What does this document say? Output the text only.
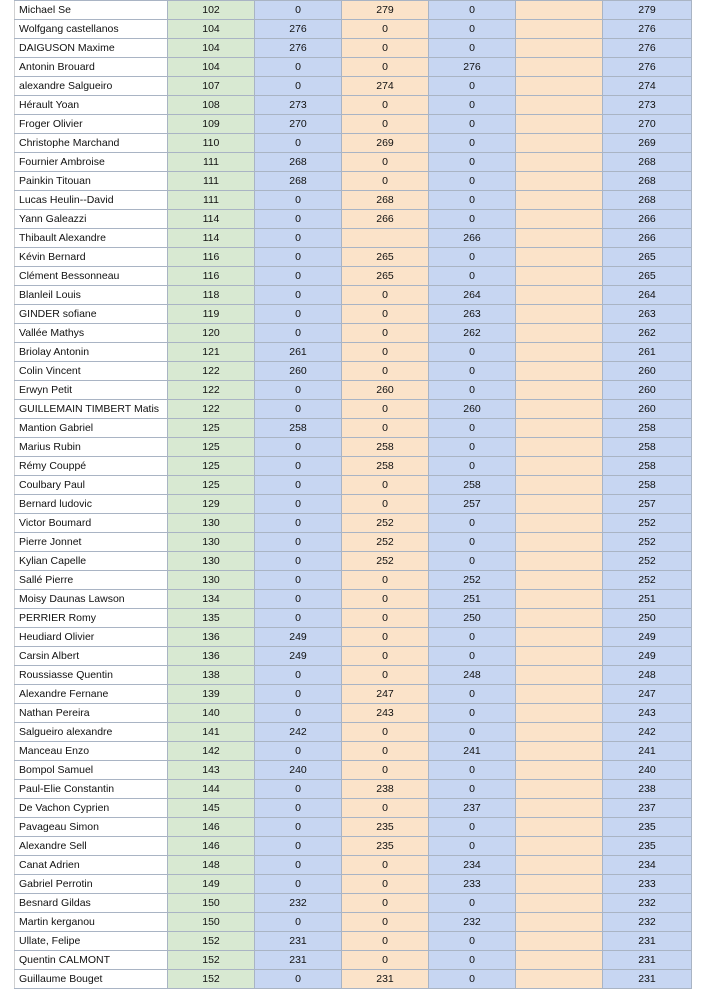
Michael Se	102	0	279	0		279
Wolfgang castellanos	104	276	0	0		276
DAIGUSON Maxime	104	276	0	0		276
Antonin Brouard	104	0	0	276		276
alexandre Salgueiro	107	0	274	0		274
Hérault Yoan	108	273	0	0		273
Froger Olivier	109	270	0	0		270
Christophe Marchand	110	0	269	0		269
Fournier Ambroise	111	268	0	0		268
Painkin Titouan	111	268	0	0		268
Lucas Heulin--David	111	0	268	0		268
Yann Galeazzi	114	0	266	0		266
Thibault Alexandre	114	0		266		266
Kévin Bernard	116	0	265	0		265
Clément Bessonneau	116	0	265	0		265
Blanleil Louis	118	0	0	264		264
GINDER sofiane	119	0	0	263		263
Vallée Mathys	120	0	0	262		262
Briolay Antonin	121	261	0	0		261
Colin Vincent	122	260	0	0		260
Erwyn Petit	122	0	260	0		260
GUILLEMAIN TIMBERT Matis	122	0	0	260		260
Mantion Gabriel	125	258	0	0		258
Marius Rubin	125	0	258	0		258
Rémy Couppé	125	0	258	0		258
Coulbary Paul	125	0	0	258		258
Bernard ludovic	129	0	0	257		257
Victor Boumard	130	0	252	0		252
Pierre Jonnet	130	0	252	0		252
Kylian Capelle	130	0	252	0		252
Sallé Pierre	130	0	0	252		252
Moisy Daunas Lawson	134	0	0	251		251
PERRIER Romy	135	0	0	250		250
Heudiard Olivier	136	249	0	0		249
Carsin Albert	136	249	0	0		249
Roussiasse Quentin	138	0	0	248		248
Alexandre Fernane	139	0	247	0		247
Nathan Pereira	140	0	243	0		243
Salgueiro alexandre	141	242	0	0		242
Manceau Enzo	142	0	0	241		241
Bompol Samuel	143	240	0	0		240
Paul-Elie Constantin	144	0	238	0		238
De Vachon Cyprien	145	0	0	237		237
Pavageau Simon	146	0	235	0		235
Alexandre Sell	146	0	235	0		235
Canat Adrien	148	0	0	234		234
Gabriel Perrotin	149	0	0	233		233
Besnard Gildas	150	232	0	0		232
Martin kerganou	150	0	0	232		232
Ullate, Felipe	152	231	0	0		231
Quentin CALMONT	152	231	0	0		231
Guillaume Bouget	152	0	231	0		231
